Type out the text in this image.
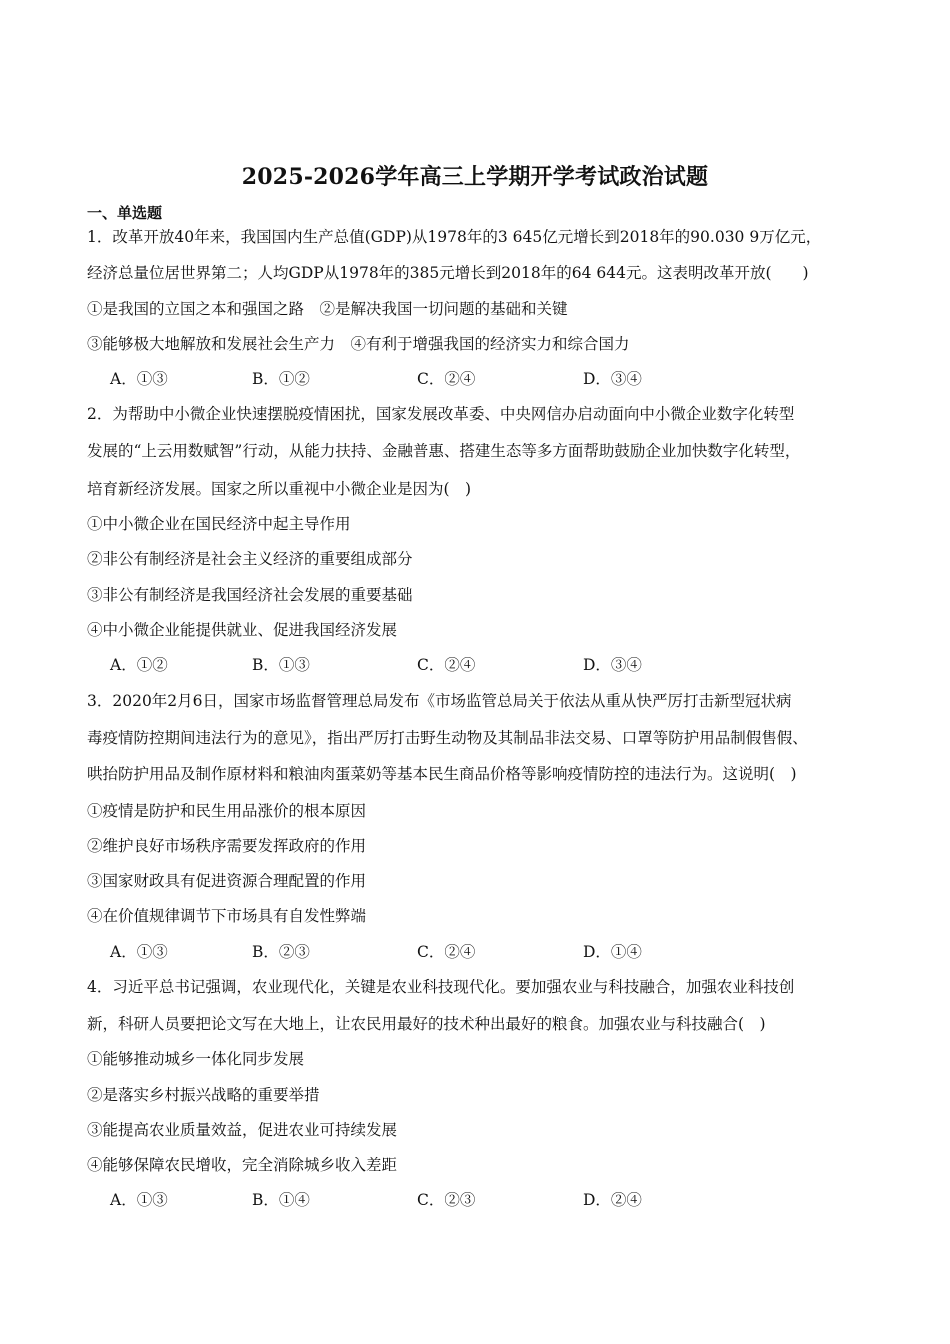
2025-2026学年高三上学期开学考试政治试题
一、单选题
1．改革开放40年来，我国国内生产总值(GDP)从1978年的3 645亿元增长到2018年的90.030 9万亿元，
经济总量位居世界第二；人均GDP从1978年的385元增长到2018年的64 644元。这表明改革开放(　　)
①是我国的立国之本和强国之路　②是解决我国一切问题的基础和关键
③能够极大地解放和发展社会生产力　④有利于增强我国的经济实力和综合国力
A．①③	B．①②	C．②④	D．③④
2．为帮助中小微企业快速摆脱疫情困扰，国家发展改革委、中央网信办启动面向中小微企业数字化转型
发展的“上云用数赋智”行动，从能力扶持、金融普惠、搭建生态等多方面帮助鼓励企业加快数字化转型，
培育新经济发展。国家之所以重视中小微企业是因为(　)
①中小微企业在国民经济中起主导作用
②非公有制经济是社会主义经济的重要组成部分
③非公有制经济是我国经济社会发展的重要基础
④中小微企业能提供就业、促进我国经济发展
A．①②	B．①③	C．②④	D．③④
3．2020年2月6日，国家市场监督管理总局发布《市场监管总局关于依法从重从快严厉打击新型冠状病
毒疫情防控期间违法行为的意见》，指出严厉打击野生动物及其制品非法交易、口罩等防护用品制假售假、
哄抬防护用品及制作原材料和粮油肉蛋菜奶等基本民生商品价格等影响疫情防控的违法行为。这说明(　)
①疫情是防护和民生用品涨价的根本原因
②维护良好市场秩序需要发挥政府的作用
③国家财政具有促进资源合理配置的作用
④在价值规律调节下市场具有自发性弊端
A．①③	B．②③	C．②④	D．①④
4．习近平总书记强调，农业现代化，关键是农业科技现代化。要加强农业与科技融合，加强农业科技创
新，科研人员要把论文写在大地上，让农民用最好的技术种出最好的粮食。加强农业与科技融合(　)
①能够推动城乡一体化同步发展
②是落实乡村振兴战略的重要举措
③能提高农业质量效益，促进农业可持续发展
④能够保障农民增收，完全消除城乡收入差距
A．①③	B．①④	C．②③	D．②④
